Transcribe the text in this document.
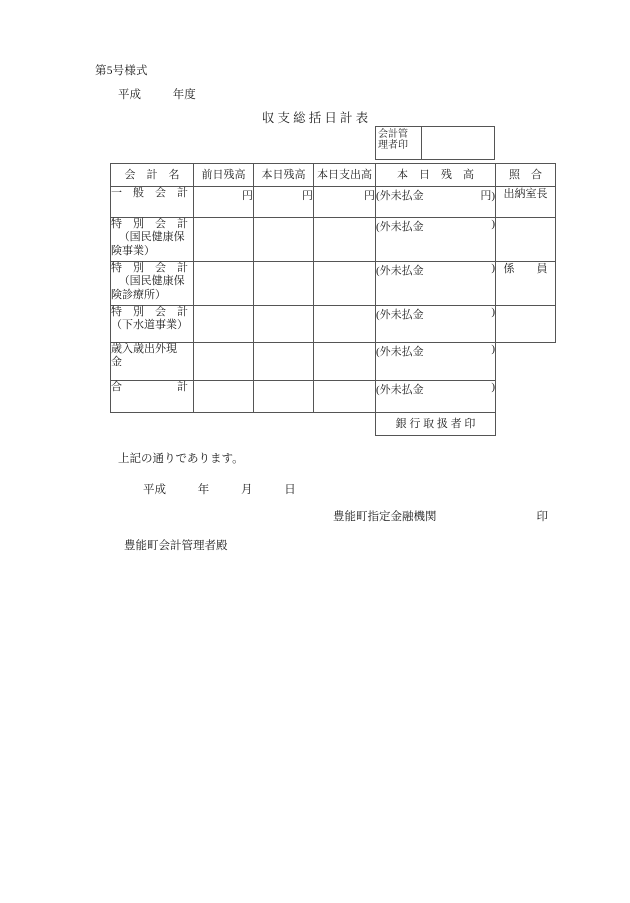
第5号様式
平成	年度
収 支 総 括 日 計 表
会計管
理者印
会　計　名	前日残高	本日残高	本日支出高	本　日　残　高	照　合

一　般　会　計	円	円	円	(外未払金 円)	出納室長

特　別　会　計
（国民健康保
険事業）				(外未払金 )	

特　別　会　計
（国民健康保
険診療所）				(外未払金 )	係　　員

特　別　会　計
（下水道事業）				(外未払金 )	

歳入歳出外現
金				(外未払金 )	

合　　　　　計				(外未払金 )	

				銀 行 取 扱 者 印	
上記の通りであります。
平成	年	月	日
印
豊能町指定金融機関
豊能町会計管理者殿
